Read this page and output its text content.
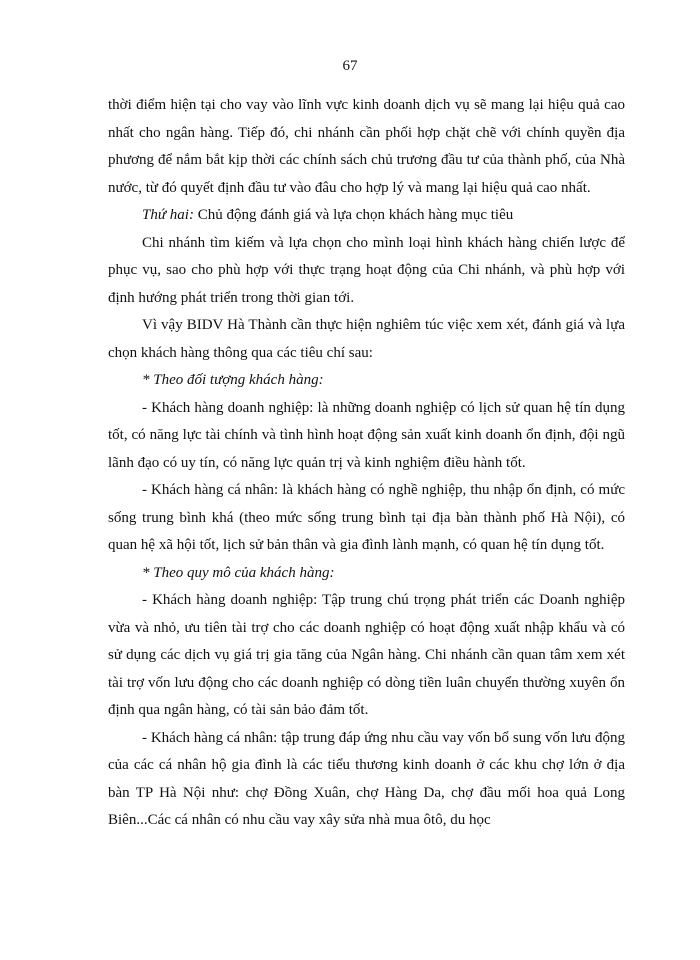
67

thời điểm hiện tại cho vay vào lĩnh vực kinh doanh dịch vụ sẽ mang lại hiệu quả cao nhất cho ngân hàng. Tiếp đó, chi nhánh cần phối hợp chặt chẽ với chính quyền địa phương để nắm bắt kịp thời các chính sách chủ trương đầu tư của thành phố, của Nhà nước, từ đó quyết định đầu tư vào đâu cho hợp lý và mang lại hiệu quả cao nhất.

Thứ hai: Chủ động đánh giá và lựa chọn khách hàng mục tiêu

Chi nhánh tìm kiếm và lựa chọn cho mình loại hình khách hàng chiến lược để phục vụ, sao cho phù hợp với thực trạng hoạt động của Chi nhánh, và phù hợp với định hướng phát triển trong thời gian tới.

Vì vậy BIDV Hà Thành cần thực hiện nghiêm túc việc xem xét, đánh giá và lựa chọn khách hàng thông qua các tiêu chí sau:

* Theo đối tượng khách hàng:

- Khách hàng doanh nghiệp: là những doanh nghiệp có lịch sử quan hệ tín dụng tốt, có năng lực tài chính và tình hình hoạt động sản xuất kinh doanh ổn định, đội ngũ lãnh đạo có uy tín, có năng lực quản trị và kinh nghiệm điều hành tốt.

- Khách hàng cá nhân: là khách hàng có nghề nghiệp, thu nhập ổn định, có mức sống trung bình khá (theo mức sống trung bình tại địa bàn thành phố Hà Nội), có quan hệ xã hội tốt, lịch sử bản thân và gia đình lành mạnh, có quan hệ tín dụng tốt.

* Theo quy mô của khách hàng:

- Khách hàng doanh nghiệp: Tập trung chú trọng phát triển các Doanh nghiệp vừa và nhỏ, ưu tiên tài trợ cho các doanh nghiệp có hoạt động xuất nhập khẩu và có sử dụng các dịch vụ giá trị gia tăng của Ngân hàng. Chi nhánh cần quan tâm xem xét tài trợ vốn lưu động cho các doanh nghiệp có dòng tiền luân chuyển thường xuyên ổn định qua ngân hàng, có tài sản bảo đảm tốt.

- Khách hàng cá nhân: tập trung đáp ứng nhu cầu vay vốn bổ sung vốn lưu động của các cá nhân hộ gia đình là các tiểu thương kinh doanh ở các khu chợ lớn ở địa bàn TP Hà Nội như: chợ Đồng Xuân, chợ Hàng Da, chợ đầu mối hoa quả Long Biên...Các cá nhân có nhu cầu vay xây sửa nhà mua ôtô, du học
